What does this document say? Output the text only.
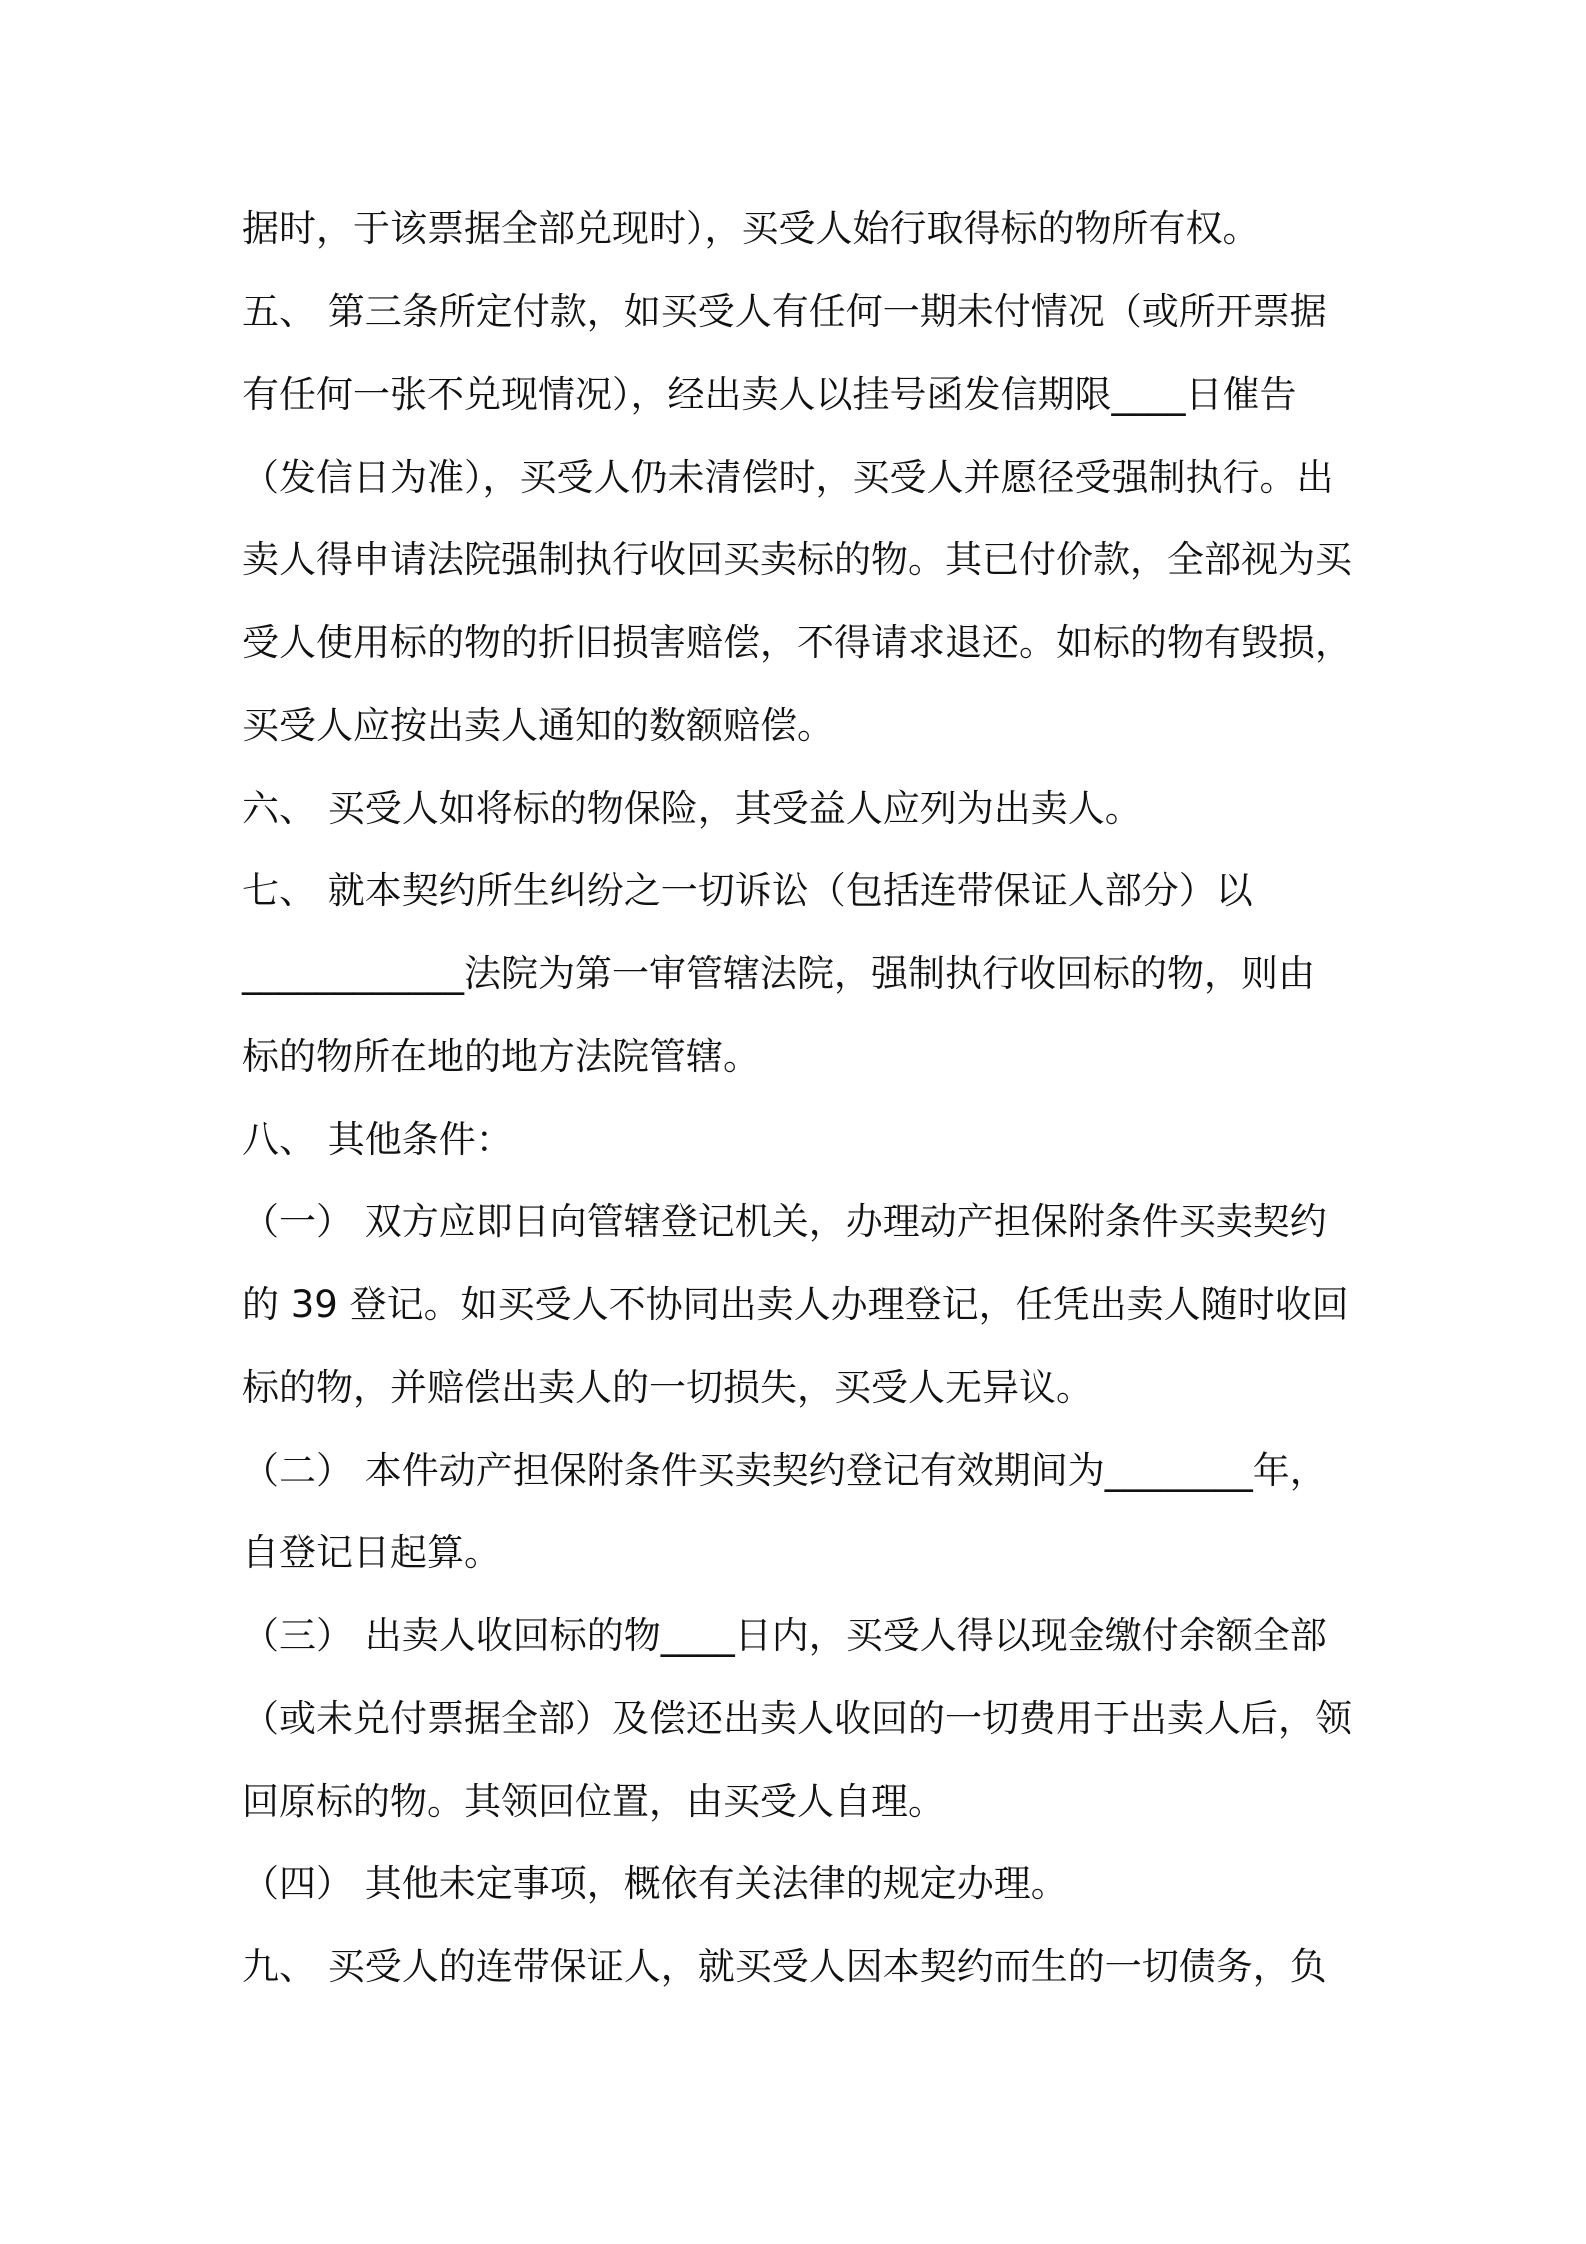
据时，于该票据全部兑现时），买受人始行取得标的物所有权。
五、 第三条所定付款，如买受人有任何一期未付情况（或所开票据
有任何一张不兑现情况），经出卖人以挂号函发信期限____日催告
（发信日为准），买受人仍未清偿时，买受人并愿径受强制执行。出
卖人得申请法院强制执行收回买卖标的物。其已付价款，全部视为买
受人使用标的物的折旧损害赔偿，不得请求退还。如标的物有毁损，
买受人应按出卖人通知的数额赔偿。
六、 买受人如将标的物保险，其受益人应列为出卖人。
七、 就本契约所生纠纷之一切诉讼（包括连带保证人部分）以
____________法院为第一审管辖法院，强制执行收回标的物，则由
标的物所在地的地方法院管辖。
八、 其他条件：
（一） 双方应即日向管辖登记机关，办理动产担保附条件买卖契约
的 39 登记。如买受人不协同出卖人办理登记，任凭出卖人随时收回
标的物，并赔偿出卖人的一切损失，买受人无异议。
（二） 本件动产担保附条件买卖契约登记有效期间为________年，
自登记日起算。
（三） 出卖人收回标的物____日内，买受人得以现金缴付余额全部
（或未兑付票据全部）及偿还出卖人收回的一切费用于出卖人后，领
回原标的物。其领回位置，由买受人自理。
（四） 其他未定事项，概依有关法律的规定办理。
九、 买受人的连带保证人，就买受人因本契约而生的一切债务，负
